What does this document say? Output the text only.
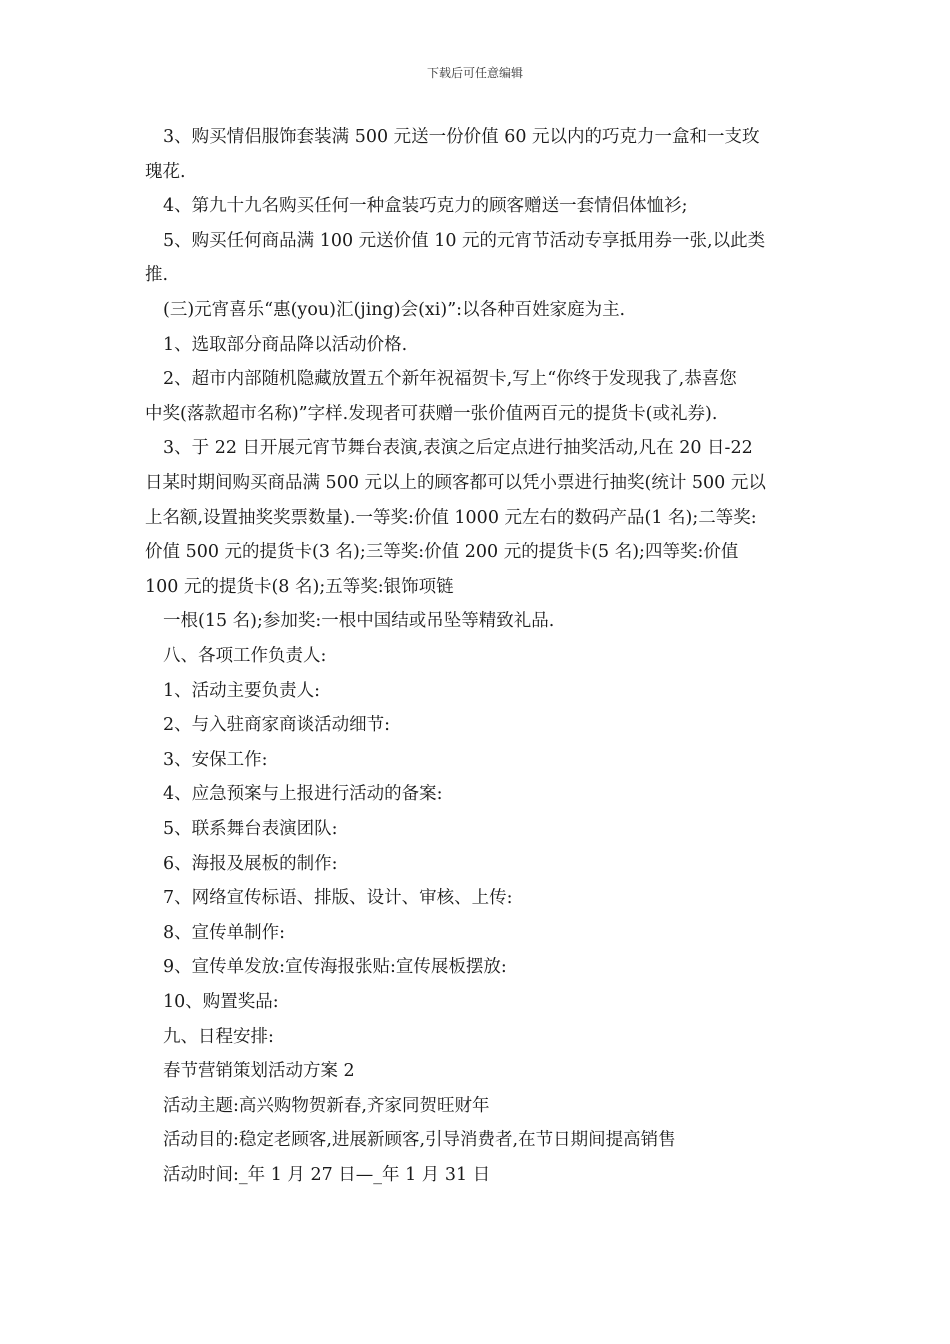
下载后可任意编辑
3、购买情侣服饰套装满 500 元送一份价值 60 元以内的巧克力一盒和一支玫
瑰花.
4、第九十九名购买任何一种盒装巧克力的顾客赠送一套情侣体恤衫;
5、购买任何商品满 100 元送价值 10 元的元宵节活动专享抵用券一张,以此类
推.
(三)元宵喜乐“惠(you)汇(jing)会(xi)”:以各种百姓家庭为主.
1、选取部分商品降以活动价格.
2、超市内部随机隐藏放置五个新年祝福贺卡,写上“你终于发现我了,恭喜您
中奖(落款超市名称)”字样.发现者可获赠一张价值两百元的提货卡(或礼券).
3、于 22 日开展元宵节舞台表演,表演之后定点进行抽奖活动,凡在 20 日-22
日某时期间购买商品满 500 元以上的顾客都可以凭小票进行抽奖(统计 500 元以
上名额,设置抽奖奖票数量).一等奖:价值 1000 元左右的数码产品(1 名);二等奖:
价值 500 元的提货卡(3 名);三等奖:价值 200 元的提货卡(5 名);四等奖:价值
100 元的提货卡(8 名);五等奖:银饰项链
一根(15 名);参加奖:一根中国结或吊坠等精致礼品.
八、各项工作负责人:
1、活动主要负责人:
2、与入驻商家商谈活动细节:
3、安保工作:
4、应急预案与上报进行活动的备案:
5、联系舞台表演团队:
6、海报及展板的制作:
7、网络宣传标语、排版、设计、审核、上传:
8、宣传单制作:
9、宣传单发放:宣传海报张贴:宣传展板摆放:
10、购置奖品:
九、日程安排:
春节营销策划活动方案 2
活动主题:高兴购物贺新春,齐家同贺旺财年
活动目的:稳定老顾客,进展新顾客,引导消费者,在节日期间提高销售
活动时间:_年 1 月 27 日—_年 1 月 31 日
